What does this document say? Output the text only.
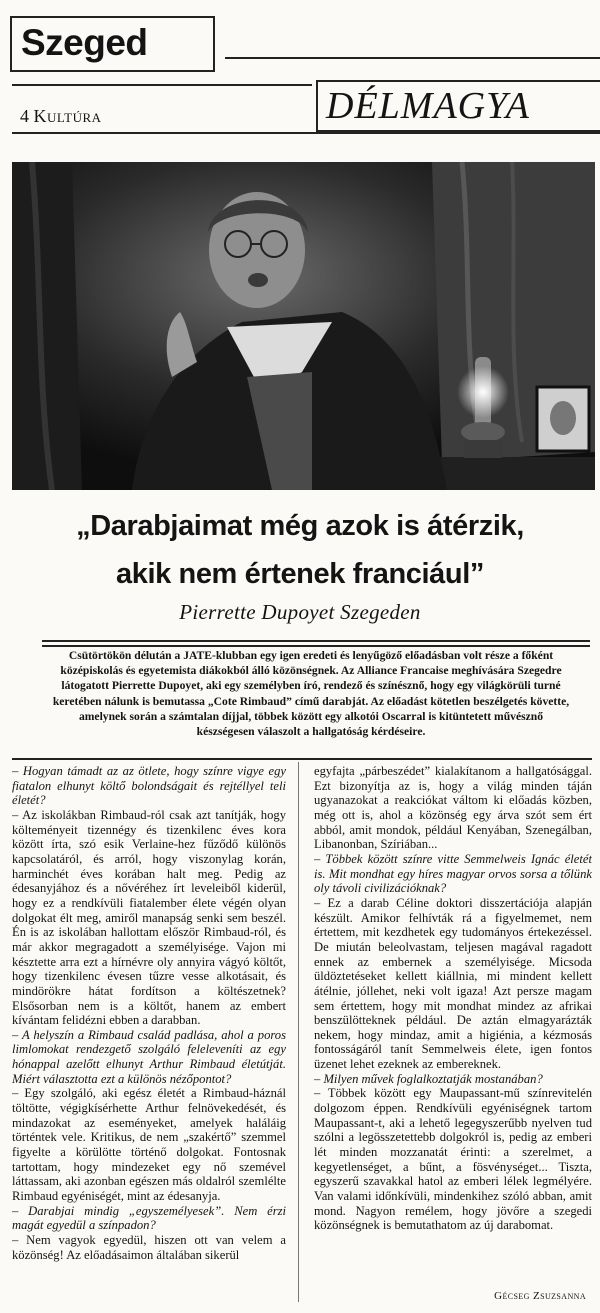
Szeged
4 Kultúra	DÉLMAGYA
„Darabjaimat még azok is átérzik,
akik nem értenek franciául”
Pierrette Dupoyet Szegeden
Csütörtökön délután a JATE-klubban egy igen eredeti és lenyűgöző előadásban volt része a főként középiskolás és egyetemista diákokból álló közönségnek. Az Alliance Francaise meghívására Szegedre látogatott Pierrette Dupoyet, aki egy személyben író, rendező és színésznő, hogy egy világkörüli turné keretében nálunk is bemutassa „Cote Rimbaud” című darabját. Az előadást kötetlen beszélgetés követte, amelynek során a számtalan díjjal, többek között egy alkotói Oscarral is kitüntetett művésznő készségesen válaszolt a hallgatóság kérdéseire.

– Hogyan támadt az az ötlete, hogy színre vigye egy fiatalon elhunyt költő bolondságait és rejtéllyel teli életét?

– Az iskolákban Rimbaud-ról csak azt tanítják, hogy költeményeit tizennégy és tizenkilenc éves kora között írta, szó esik Verlaine-hez fűződő különös kapcsolatáról, és arról, hogy viszonylag korán, harminchét éves korában halt meg. Pedig az édesanyjához és a nővéréhez írt leveleiből kiderül, hogy ez a rendkívüli fiatalember élete végén olyan dolgokat élt meg, amiről manapság senki sem beszél. Én is az iskolában hallottam először Rimbaud-ról, és már akkor megragadott a személyisége. Vajon mi késztette arra ezt a hírnévre oly annyira vágyó költőt, hogy tizenkilenc évesen tűzre vesse alkotásait, és mindörökre hátat fordítson a költészetnek? Elsősorban nem is a költőt, hanem az embert kívántam felidézni ebben a darabban.

– A helyszín a Rimbaud család padlása, ahol a poros limlomokat rendezgető szolgáló feleleveníti az egy hónappal azelőtt elhunyt Arthur Rimbaud életútját. Miért választotta ezt a különös nézőpontot?

– Egy szolgáló, aki egész életét a Rimbaud-háznál töltötte, végigkísérhette Arthur felnövekedését, és mindazokat az eseményeket, amelyek haláláig történtek vele. Kritikus, de nem „szakértő” szemmel figyelte a körülötte történő dolgokat. Fontosnak tartottam, hogy mindezeket egy nő szemével láttassam, aki azonban egészen más oldalról szemlélte Rimbaud egyéniségét, mint az édesanyja.

– Darabjai mindig „egyszemélyesek”. Nem érzi magát egyedül a színpadon?

– Nem vagyok egyedül, hiszen ott van velem a közönség! Az előadásaimon általában sikerül

egyfajta „párbeszédet” kialakítanom a hallgatósággal. Ezt bizonyítja az is, hogy a világ minden táján ugyanazokat a reakciókat váltom ki előadás közben, még ott is, ahol a közönség egy árva szót sem ért abból, amit mondok, például Kenyában, Szenegálban, Libanonban, Szíriában...

– Többek között színre vitte Semmelweis Ignác életét is. Mit mondhat egy híres magyar orvos sorsa a tőlünk oly távoli civilizációknak?

– Ez a darab Céline doktori disszertációja alapján készült. Amikor felhívták rá a figyelmemet, nem értettem, mit kezdhetek egy tudományos értekezéssel. De miután beleolvastam, teljesen magával ragadott ennek az embernek a személyisége. Micsoda üldöztetéseket kellett kiállnia, mi mindent kellett átélnie, jóllehet, neki volt igaza! Azt persze magam sem értettem, hogy mit mondhat mindez az afrikai benszülötteknek például. De aztán elmagyarázták nekem, hogy mindaz, amit a higiénia, a kézmosás fontosságáról tanít Semmelweis élete, igen fontos üzenet lehet ezeknek az embereknek.

– Milyen művek foglalkoztatják mostanában?

– Többek között egy Maupassant-mű színrevitelén dolgozom éppen. Rendkívüli egyéniségnek tartom Maupassant-t, aki a lehető legegyszerűbb nyelven tud szólni a legösszetettebb dolgokról is, pedig az emberi lét minden mozzanatát érinti: a szerelmet, a kegyetlenséget, a bűnt, a fösvénységet... Tiszta, egyszerű szavakkal hatol az emberi lélek legmélyére. Van valami időnkívüli, mindenkihez szóló abban, amit mond. Nagyon remélem, hogy jövőre a szegedi közönségnek is bemutathatom az új darabomat.

Gécseg Zsuzsanna
